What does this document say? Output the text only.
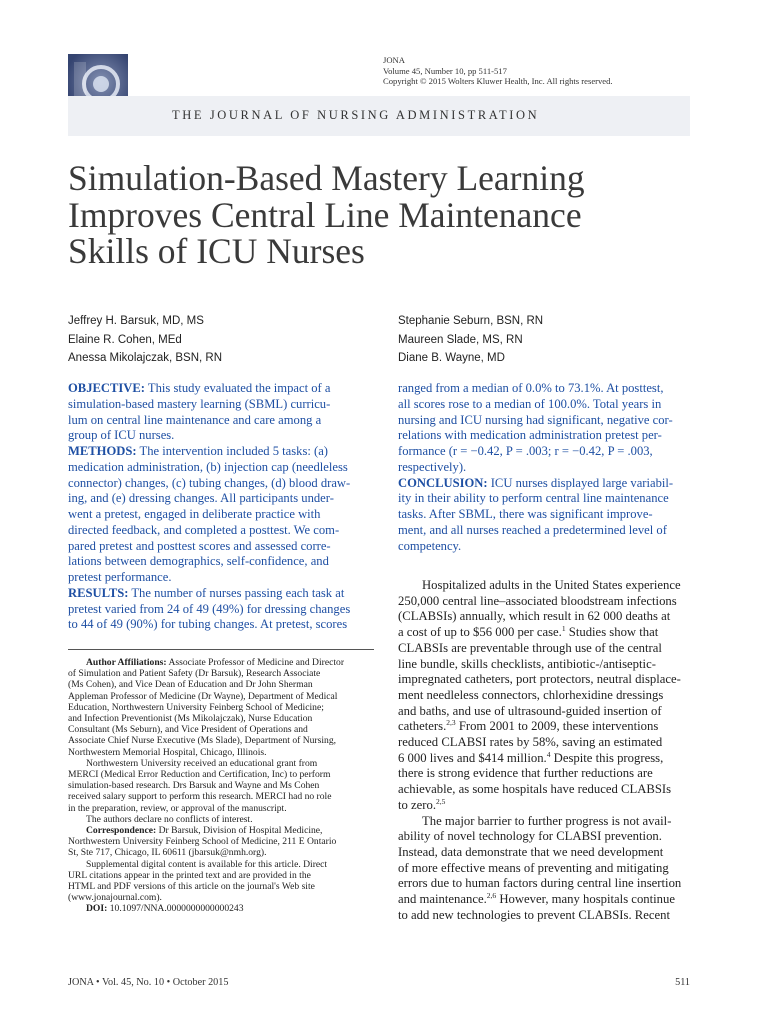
JONA
Volume 45, Number 10, pp 511-517
Copyright © 2015 Wolters Kluwer Health, Inc. All rights reserved.
THE JOURNAL OF NURSING ADMINISTRATION
Simulation-Based Mastery Learning
Improves Central Line Maintenance
Skills of ICU Nurses
Jeffrey H. Barsuk, MD, MS
Elaine R. Cohen, MEd
Anessa Mikolajczak, BSN, RN
Stephanie Seburn, BSN, RN
Maureen Slade, MS, RN
Diane B. Wayne, MD
OBJECTIVE: This study evaluated the impact of a
simulation-based mastery learning (SBML) curricu-
lum on central line maintenance and care among a
group of ICU nurses.
METHODS: The intervention included 5 tasks: (a)
medication administration, (b) injection cap (needleless
connector) changes, (c) tubing changes, (d) blood draw-
ing, and (e) dressing changes. All participants under-
went a pretest, engaged in deliberate practice with
directed feedback, and completed a posttest. We com-
pared pretest and posttest scores and assessed corre-
lations between demographics, self-confidence, and
pretest performance.
RESULTS: The number of nurses passing each task at
pretest varied from 24 of 49 (49%) for dressing changes
to 44 of 49 (90%) for tubing changes. At pretest, scores
ranged from a median of 0.0% to 73.1%. At posttest,
all scores rose to a median of 100.0%. Total years in
nursing and ICU nursing had significant, negative cor-
relations with medication administration pretest per-
formance (r = −0.42, P = .003; r = −0.42, P = .003,
respectively).
CONCLUSION: ICU nurses displayed large variabil-
ity in their ability to perform central line maintenance
tasks. After SBML, there was significant improve-
ment, and all nurses reached a predetermined level of
competency.
Author Affiliations: Associate Professor of Medicine and Director
of Simulation and Patient Safety (Dr Barsuk), Research Associate
(Ms Cohen), and Vice Dean of Education and Dr John Sherman
Appleman Professor of Medicine (Dr Wayne), Department of Medical
Education, Northwestern University Feinberg School of Medicine;
and Infection Preventionist (Ms Mikolajczak), Nurse Education
Consultant (Ms Seburn), and Vice President of Operations and
Associate Chief Nurse Executive (Ms Slade), Department of Nursing,
Northwestern Memorial Hospital, Chicago, Illinois.
Northwestern University received an educational grant from
MERCI (Medical Error Reduction and Certification, Inc) to perform
simulation-based research. Drs Barsuk and Wayne and Ms Cohen
received salary support to perform this research. MERCI had no role
in the preparation, review, or approval of the manuscript.
The authors declare no conflicts of interest.
Correspondence: Dr Barsuk, Division of Hospital Medicine,
Northwestern University Feinberg School of Medicine, 211 E Ontario
St, Ste 717, Chicago, IL 60611 (jbarsuk@nmh.org).
Supplemental digital content is available for this article. Direct
URL citations appear in the printed text and are provided in the
HTML and PDF versions of this article on the journal's Web site
(www.jonajournal.com).
DOI: 10.1097/NNA.0000000000000243
Hospitalized adults in the United States experience
250,000 central line–associated bloodstream infections
(CLABSIs) annually, which result in 62 000 deaths at
a cost of up to $56 000 per case.$^1$ Studies show that
CLABSIs are preventable through use of the central
line bundle, skills checklists, antibiotic-/antiseptic-
impregnated catheters, port protectors, neutral displace-
ment needleless connectors, chlorhexidine dressings
and baths, and use of ultrasound-guided insertion of
catheters.$^{2,3}$ From 2001 to 2009, these interventions
reduced CLABSI rates by 58%, saving an estimated
6 000 lives and $414 million.$^4$ Despite this progress,
there is strong evidence that further reductions are
achievable, as some hospitals have reduced CLABSIs
to zero.$^{2,5}$
The major barrier to further progress is not avail-
ability of novel technology for CLABSI prevention.
Instead, data demonstrate that we need development
of more effective means of preventing and mitigating
errors due to human factors during central line insertion
and maintenance.$^{2,6}$ However, many hospitals continue
to add new technologies to prevent CLABSIs. Recent
JONA • Vol. 45, No. 10 • October 2015	511
